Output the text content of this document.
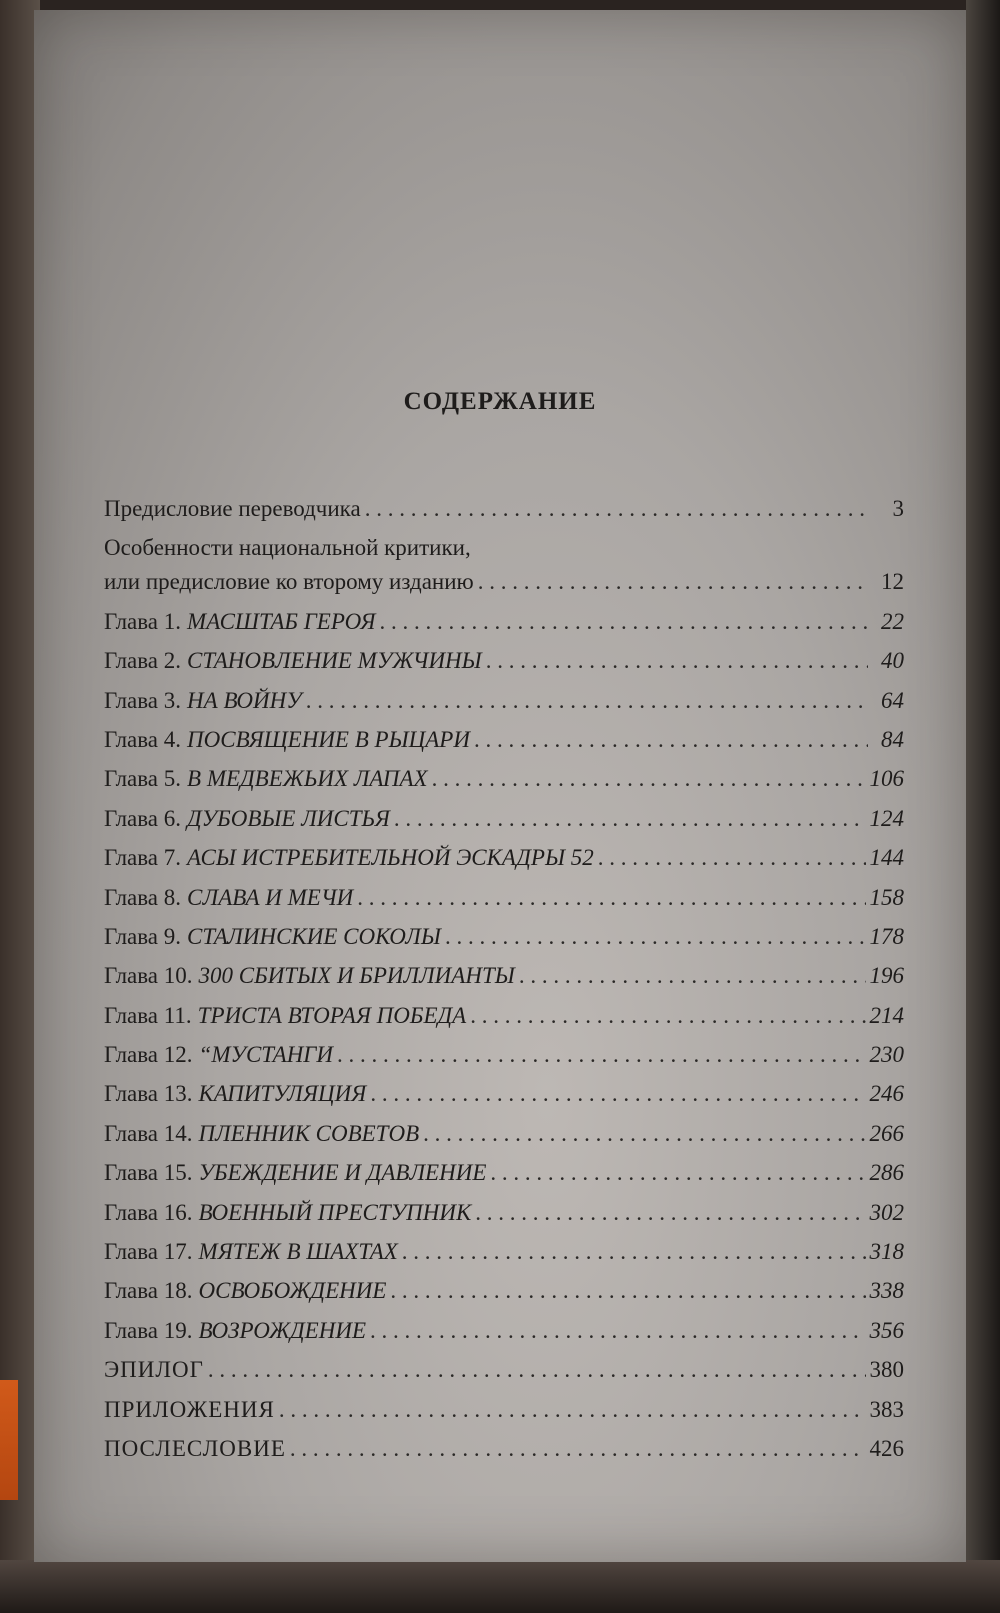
СОДЕРЖАНИЕ
Предисловие переводчика . . .	3
Особенности национальной критики,
или предисловие ко второму изданию . . .	12
Глава 1. МАСШТАБ ГЕРОЯ . . .	22
Глава 2. СТАНОВЛЕНИЕ МУЖЧИНЫ . . .	40
Глава 3. НА ВОЙНУ . . .	64
Глава 4. ПОСВЯЩЕНИЕ В РЫЦАРИ . . .	84
Глава 5. В МЕДВЕЖЬИХ ЛАПАХ . . .	106
Глава 6. ДУБОВЫЕ ЛИСТЬЯ . . .	124
Глава 7. АСЫ ИСТРЕБИТЕЛЬНОЙ ЭСКАДРЫ 52 . . .	144
Глава 8. СЛАВА И МЕЧИ . . .	158
Глава 9. СТАЛИНСКИЕ СОКОЛЫ . . .	178
Глава 10. 300 СБИТЫХ И БРИЛЛИАНТЫ . . .	196
Глава 11. ТРИСТА ВТОРАЯ ПОБЕДА . . .	214
Глава 12. “МУСТАНГИ . . .	230
Глава 13. КАПИТУЛЯЦИЯ . . .	246
Глава 14. ПЛЕННИК СОВЕТОВ . . .	266
Глава 15. УБЕЖДЕНИЕ И ДАВЛЕНИЕ . . .	286
Глава 16. ВОЕННЫЙ ПРЕСТУПНИК . . .	302
Глава 17. МЯТЕЖ В ШАХТАХ . . .	318
Глава 18. ОСВОБОЖДЕНИЕ . . .	338
Глава 19. ВОЗРОЖДЕНИЕ . . .	356
ЭПИЛОГ . . .	380
ПРИЛОЖЕНИЯ . . .	383
ПОСЛЕСЛОВИЕ . . .	426
